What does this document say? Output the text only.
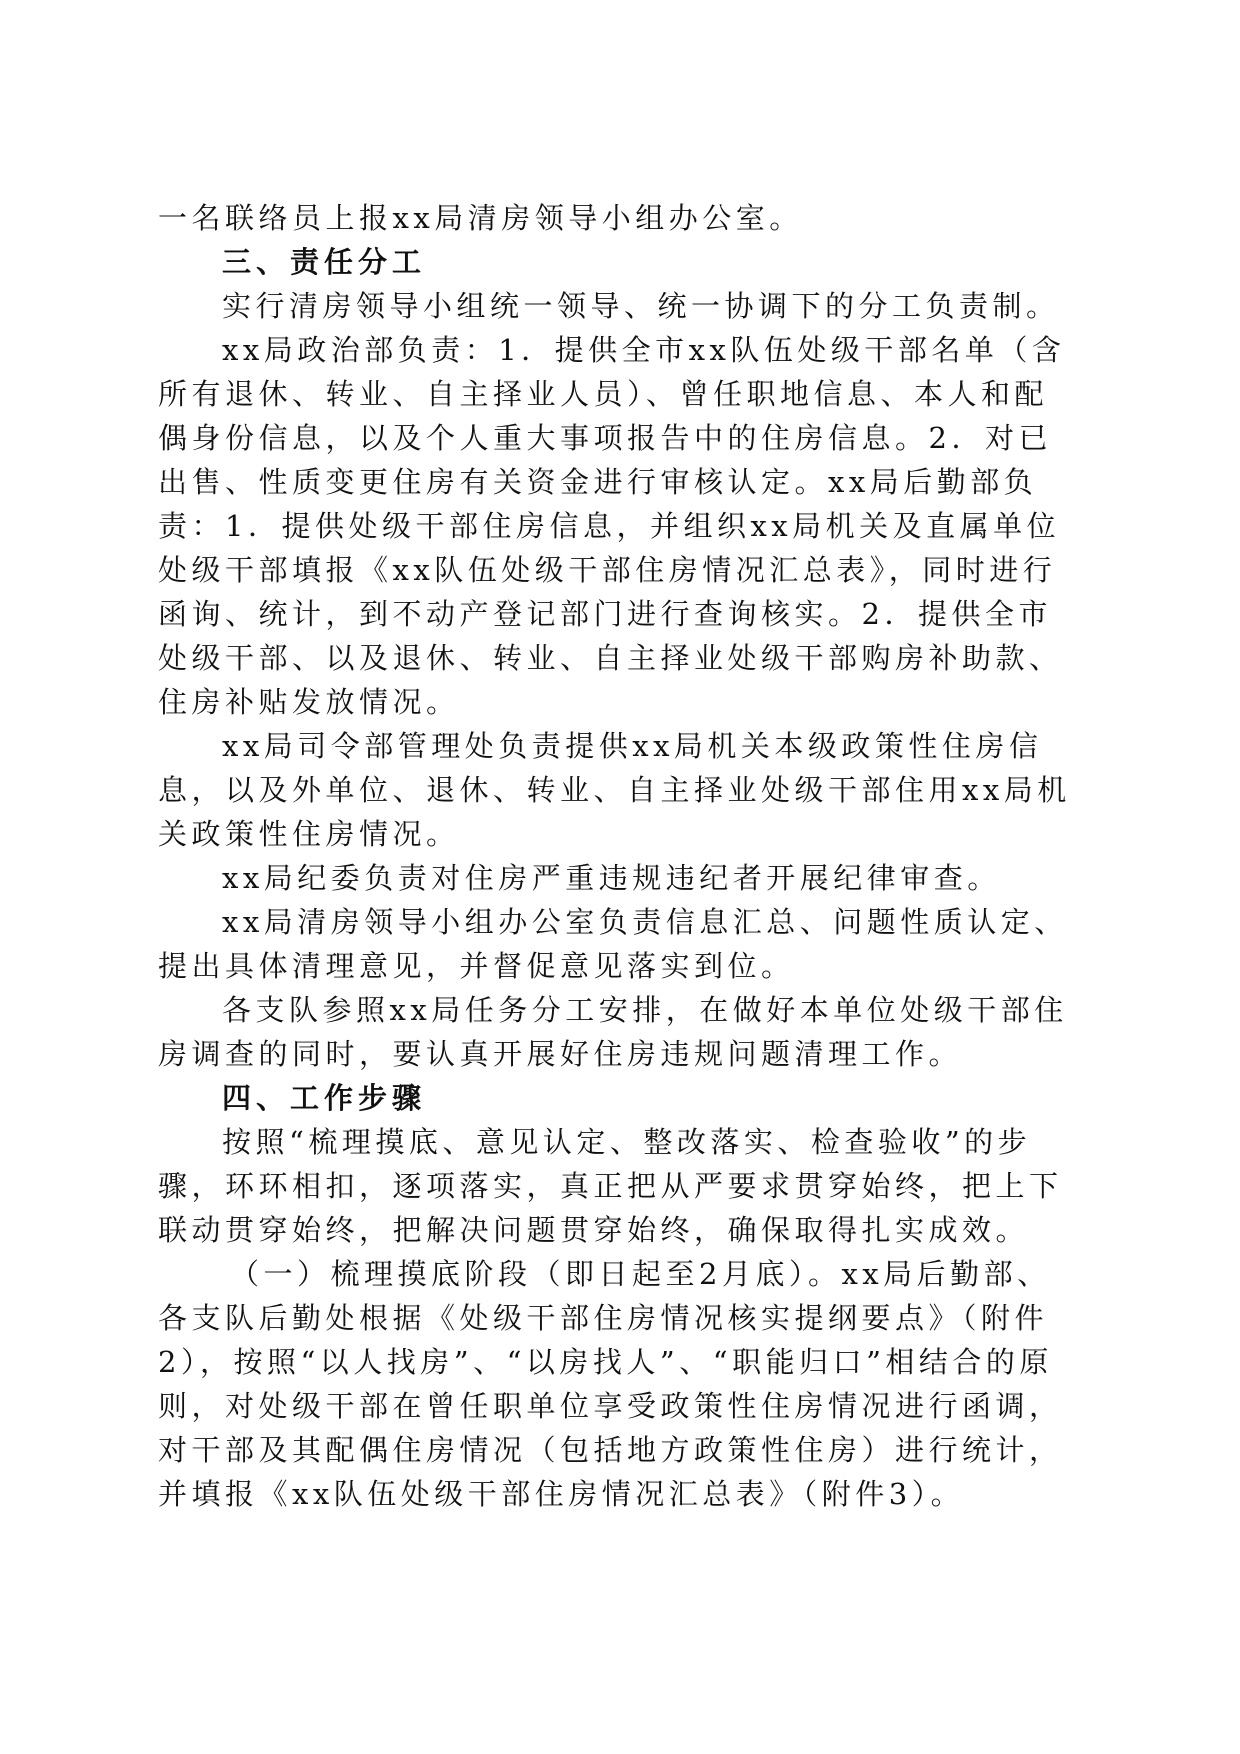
一名联络员上报xx局清房领导小组办公室。

三、责任分工

实行清房领导小组统一领导、统一协调下的分工负责制。

xx局政治部负责：1．提供全市xx队伍处级干部名单（含所有退休、转业、自主择业人员）、曾任职地信息、本人和配偶身份信息，以及个人重大事项报告中的住房信息。2．对已出售、性质变更住房有关资金进行审核认定。xx局后勤部负责：1．提供处级干部住房信息，并组织xx局机关及直属单位处级干部填报《xx队伍处级干部住房情况汇总表》，同时进行函询、统计，到不动产登记部门进行查询核实。2．提供全市处级干部、以及退休、转业、自主择业处级干部购房补助款、住房补贴发放情况。

xx局司令部管理处负责提供xx局机关本级政策性住房信息，以及外单位、退休、转业、自主择业处级干部住用xx局机关政策性住房情况。

xx局纪委负责对住房严重违规违纪者开展纪律审查。

xx局清房领导小组办公室负责信息汇总、问题性质认定、提出具体清理意见，并督促意见落实到位。

各支队参照xx局任务分工安排，在做好本单位处级干部住房调查的同时，要认真开展好住房违规问题清理工作。

四、工作步骤

按照“梳理摸底、意见认定、整改落实、检查验收”的步骤，环环相扣，逐项落实，真正把从严要求贯穿始终，把上下联动贯穿始终，把解决问题贯穿始终，确保取得扎实成效。

（一）梳理摸底阶段（即日起至2月底）。xx局后勤部、各支队后勤处根据《处级干部住房情况核实提纲要点》（附件2），按照“以人找房”、“以房找人”、“职能归口”相结合的原则，对处级干部在曾任职单位享受政策性住房情况进行函调，对干部及其配偶住房情况（包括地方政策性住房）进行统计，并填报《xx队伍处级干部住房情况汇总表》（附件3）。
